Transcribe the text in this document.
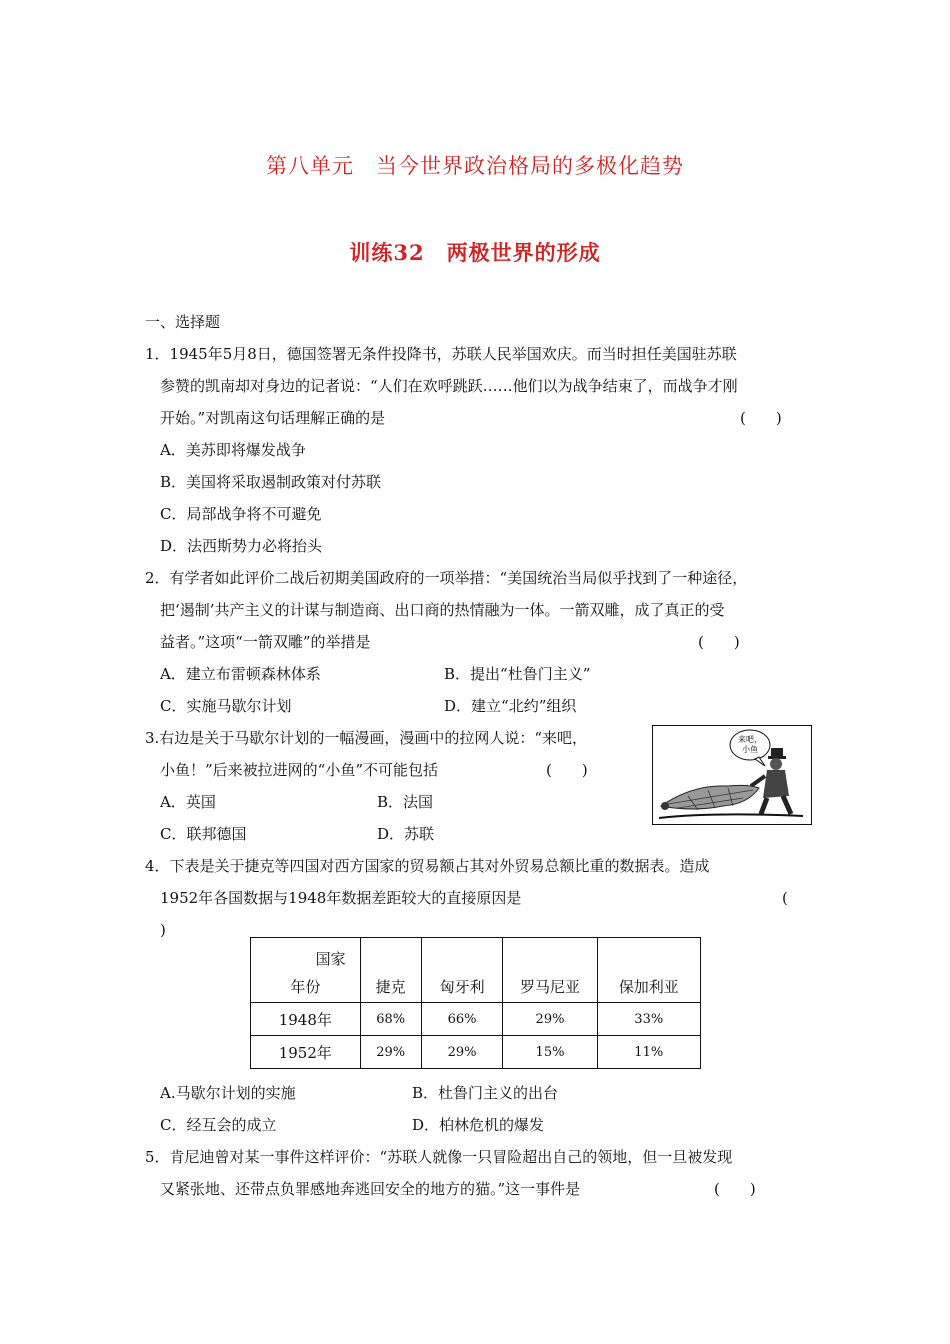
第八单元　当今世界政治格局的多极化趋势
训练32　两极世界的形成
一、选择题
1．1945年5月8日，德国签署无条件投降书，苏联人民举国欢庆。而当时担任美国驻苏联
参赞的凯南却对身边的记者说：“人们在欢呼跳跃……他们以为战争结束了，而战争才刚
开始。”对凯南这句话理解正确的是	(　　)
A．美苏即将爆发战争
B．美国将采取遏制政策对付苏联
C．局部战争将不可避免
D．法西斯势力必将抬头
2．有学者如此评价二战后初期美国政府的一项举措：“美国统治当局似乎找到了一种途径，
把‘遏制’共产主义的计谋与制造商、出口商的热情融为一体。一箭双雕，成了真正的受
益者。”这项“一箭双雕”的举措是	(　　)
A．建立布雷顿森林体系	B．提出“杜鲁门主义”
C．实施马歇尔计划	D．建立“北约”组织
3.右边是关于马歇尔计划的一幅漫画，漫画中的拉网人说：“来吧，
小鱼！”后来被拉进网的“小鱼”不可能包括	(　　)
A．英国	B．法国
C．联邦德国	D．苏联
来吧，
小鱼
4．下表是关于捷克等四国对西方国家的贸易额占其对外贸易总额比重的数据表。造成
1952年各国数据与1948年数据差距较大的直接原因是	(
)
国家				
年份	捷克	匈牙利	罗马尼亚	保加利亚
1948年	68%	66%	29%	33%
1952年	29%	29%	15%	11%
A.马歇尔计划的实施	B．杜鲁门主义的出台
C．经互会的成立	D．柏林危机的爆发
5．肯尼迪曾对某一事件这样评价：“苏联人就像一只冒险超出自己的领地，但一旦被发现
又紧张地、还带点负罪感地奔逃回安全的地方的猫。”这一事件是	(　　)
